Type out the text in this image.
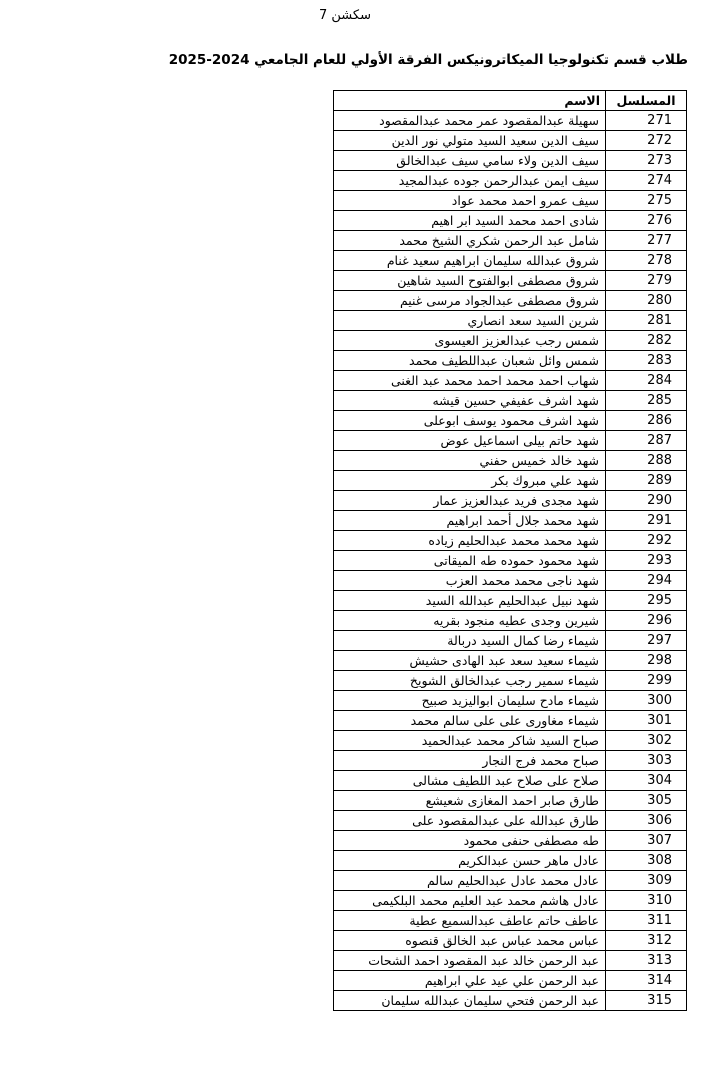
سكشن 7
طلاب قسم تكنولوجيا الميكاترونيكس الفرقة الأولي للعام الجامعي 2024-2025
المسلسل	الاسم
271	سهيلة عبدالمقصود عمر محمد عبدالمقصود
272	سيف الدين سعيد السيد متولي نور الدين
273	سيف الدين ولاء سامي سيف عبدالخالق
274	سيف ايمن عبدالرحمن جوده عبدالمجيد
275	سيف عمرو احمد محمد عواد
276	شادى احمد محمد السيد ابر اهيم
277	شامل عبد الرحمن شكري الشيخ محمد
278	شروق عبدالله سليمان ابراهيم سعيد غنام
279	شروق مصطفى ابوالفتوح السيد شاهين
280	شروق مصطفى عبدالجواد مرسى غنيم
281	شرين السيد سعد انصاري
282	شمس رجب عبدالعزيز العيسوى
283	شمس وائل شعبان عبداللطيف محمد
284	شهاب احمد محمد احمد محمد عبد الغنى
285	شهد اشرف عفيفي حسين قيشه
286	شهد اشرف محمود يوسف ابوعلى
287	شهد حاتم بيلى اسماعيل عوض
288	شهد خالد خميس حفني
289	شهد علي مبروك بكر
290	شهد مجدى فريد عبدالعزيز عمار
291	شهد محمد جلال أحمد ابراهيم
292	شهد محمد محمد عبدالحليم زياده
293	شهد محمود حموده طه الميقاتى
294	شهد ناجى محمد محمد العزب
295	شهد نبيل عبدالحليم عبدالله السيد
296	شيرين وجدى عطيه منجود بقريه
297	شيماء رضا كمال السيد دربالة
298	شيماء سعيد سعد عبد الهادى حشيش
299	شيماء سمير رجب عبدالخالق الشويخ
300	شيماء مادح سليمان ابواليزيد صبيح
301	شيماء مغاورى على على سالم محمد
302	صباح السيد شاكر محمد عبدالحميد
303	صباح محمد فرج النجار
304	صلاح على صلاح عبد اللطيف مشالى
305	طارق صابر احمد المغازى شعيشع
306	طارق عبدالله على عبدالمقصود على
307	طه مصطفى حنفى محمود
308	عادل ماهر حسن عبدالكريم
309	عادل محمد عادل عبدالحليم سالم
310	عادل هاشم محمد عبد العليم محمد البلكيمى
311	عاطف حاتم عاطف عبدالسميع عطية
312	عباس محمد عباس عبد الخالق قنصوه
313	عبد الرحمن خالد عبد المقصود احمد الشحات
314	عبد الرحمن علي عيد علي ابراهيم
315	عبد الرحمن فتحي سليمان عبدالله سليمان
